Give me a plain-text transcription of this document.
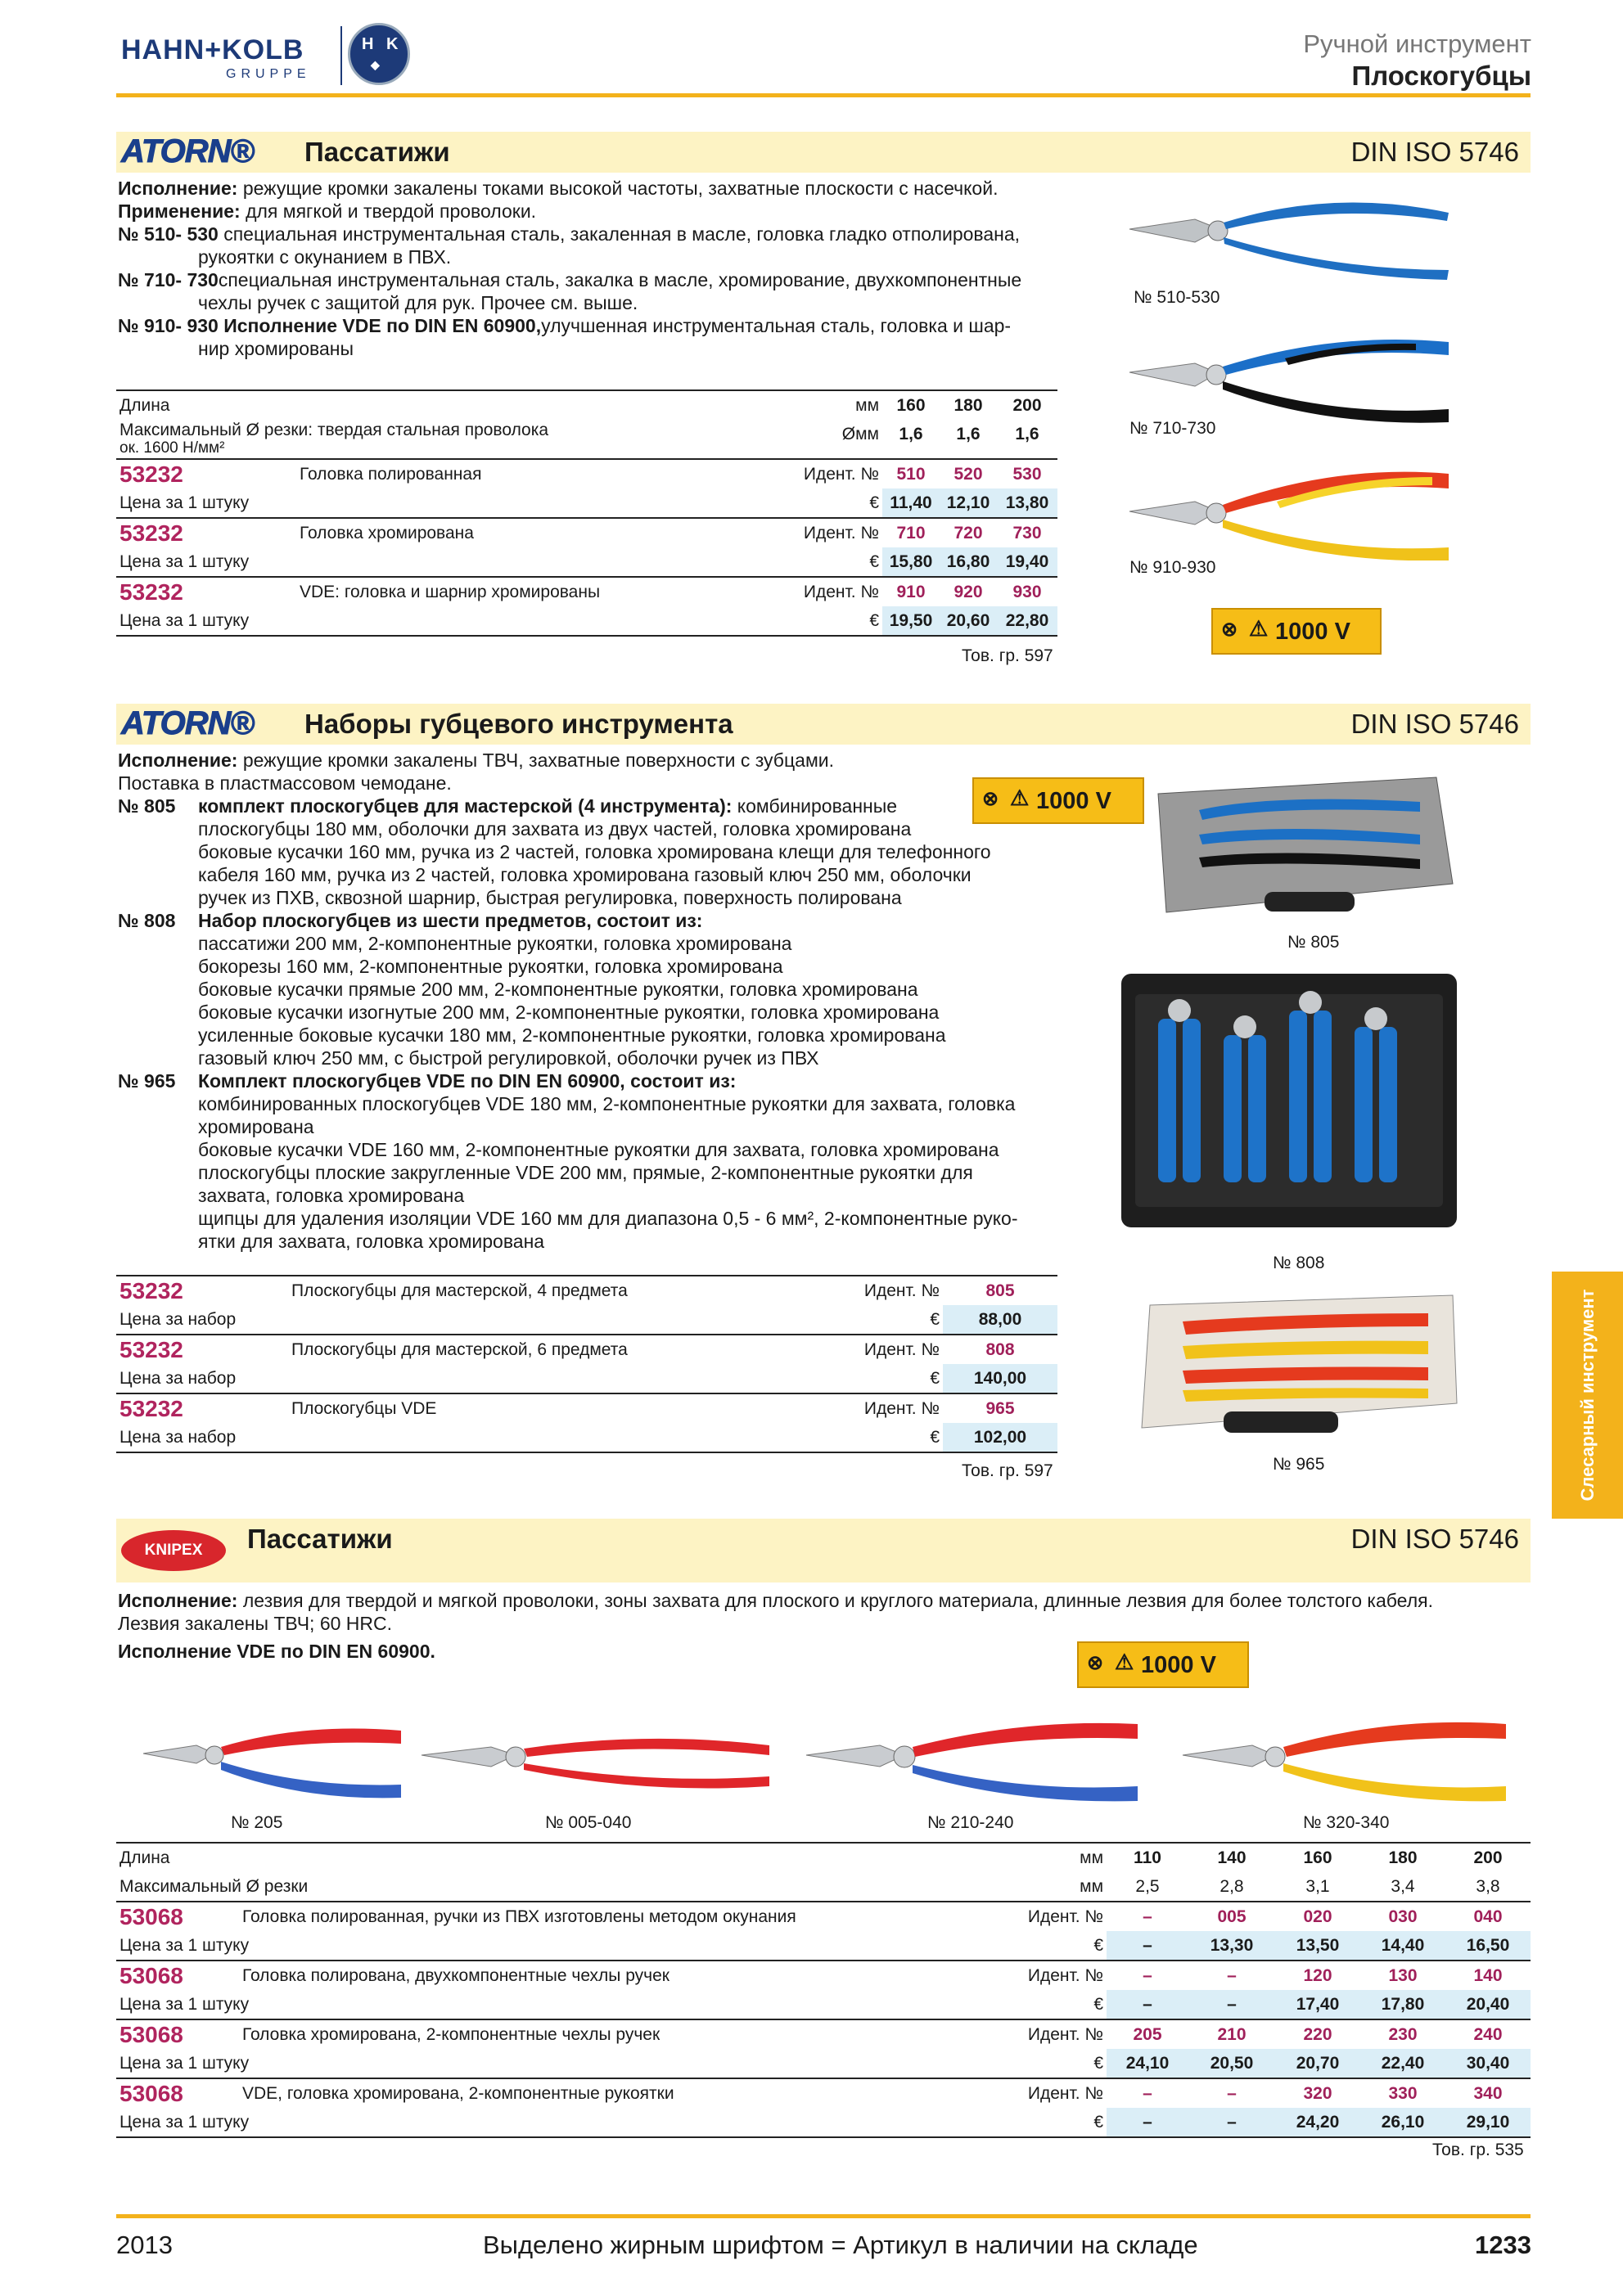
HAHN+KOLB
GRUPPE
H K
◆
Ручной инструмент
Плоскогубцы
ATORN® Пассатижи	DIN ISO 5746
Исполнение: режущие кромки закалены токами высокой частоты, захватные плоскости с насечкой.
Применение: для мягкой и твердой проволоки.
№ 510- 530 специальная инструментальная сталь, закаленная в масле, головка гладко отполирована,
рукоятки с окунанием в ПВХ.
№ 710- 730специальная инструментальная сталь, закалка в масле, хромирование, двухкомпонентные
чехлы ручек с защитой для рук. Прочее см. выше.
№ 910- 930 Исполнение VDE по DIN EN 60900,улучшенная инструментальная сталь, головка и шар-
нир хромированы
Длина		мм	160	180	200

Максимальный Ø резки: твердая стальная проволока
ок. 1600 Н/мм²		Øмм	1,6	1,6	1,6
53232	Головка полированная	Идент. №	510	520	530
Цена за 1 штуку		€	11,40	12,10	13,80
53232	Головка хромирована	Идент. №	710	720	730
Цена за 1 штуку		€	15,80	16,80	19,40
53232	VDE: головка и шарнир хромированы	Идент. №	910	920	930
Цена за 1 штуку		€	19,50	20,60	22,80
Тов. гр. 597
№ 510-530
№ 710-730
№ 910-930
⊗ ⚠ 1000 V
ATORN® Наборы губцевого инструмента	DIN ISO 5746
Исполнение: режущие кромки закалены ТВЧ, захватные поверхности с зубцами.
Поставка в пластмассовом чемодане.
№ 805	комплект плоскогубцев для мастерской (4 инструмента): комбинированные
плоскогубцы 180 мм, оболочки для захвата из двух частей, головка хромирована
боковые кусачки 160 мм, ручка из 2 частей, головка хромирована клещи для телефонного
кабеля 160 мм, ручка из 2 частей, головка хромирована газовый ключ 250 мм, оболочки
ручек из ПХВ, сквозной шарнир, быстрая регулировка, поверхность полирована
№ 808	Набор плоскогубцев из шести предметов, состоит из:
пассатижи 200 мм, 2-компонентные рукоятки, головка хромирована
бокорезы 160 мм, 2-компонентные рукоятки, головка хромирована
боковые кусачки прямые 200 мм, 2-компонентные рукоятки, головка хромирована
боковые кусачки изогнутые 200 мм, 2-компонентные рукоятки, головка хромирована
усиленные боковые кусачки 180 мм, 2-компонентные рукоятки, головка хромирована
газовый ключ 250 мм, с быстрой регулировкой, оболочки ручек из ПВХ
№ 965	Комплект плоскогубцев VDE по DIN EN 60900, состоит из:
комбинированных плоскогубцев VDE 180 мм, 2-компонентные рукоятки для захвата, головка
хромирована
боковые кусачки VDE 160 мм, 2-компонентные рукоятки для захвата, головка хромирована
плоскогубцы плоские закругленные VDE 200 мм, прямые, 2-компонентные рукоятки для
захвата, головка хромирована
щипцы для удаления изоляции VDE 160 мм для диапазона 0,5 - 6 мм², 2-компонентные руко-
ятки для захвата, головка хромирована
⊗ ⚠ 1000 V
53232	Плоскогубцы для мастерской, 4 предмета	Идент. №	805
Цена за набор		€	88,00
53232	Плоскогубцы для мастерской, 6 предмета	Идент. №	808
Цена за набор		€	140,00
53232	Плоскогубцы VDE	Идент. №	965
Цена за набор		€	102,00
Тов. гр. 597
№ 805
№ 808
№ 965	Слесарный инструмент
KNIPEX	Пассатижи	DIN ISO 5746
Исполнение: лезвия для твердой и мягкой проволоки, зоны захвата для плоского и круглого материала, длинные лезвия для более толстого кабеля.
Лезвия закалены ТВЧ; 60 HRC.
Исполнение VDE по DIN EN 60900.
⊗ ⚠ 1000 V
№ 205	№ 005-040	№ 210-240	№ 320-340
Длина		мм	110	140	160	180	200
Максимальный Ø резки		мм	2,5	2,8	3,1	3,4	3,8
53068	Головка полированная, ручки из ПВХ изготовлены методом окунания	Идент. №	–	005	020	030	040
Цена за 1 штуку		€	–	13,30	13,50	14,40	16,50
53068	Головка полирована, двухкомпонентные чехлы ручек	Идент. №	–	–	120	130	140
Цена за 1 штуку		€	–	–	17,40	17,80	20,40
53068	Головка хромирована, 2-компонентные чехлы ручек	Идент. №	205	210	220	230	240
Цена за 1 штуку		€	24,10	20,50	20,70	22,40	30,40
53068	VDE, головка хромирована, 2-компонентные рукоятки	Идент. №	–	–	320	330	340
Цена за 1 штуку		€	–	–	24,20	26,10	29,10
Тов. гр. 535
2013	Выделено жирным шрифтом = Артикул в наличии на складе	1233
